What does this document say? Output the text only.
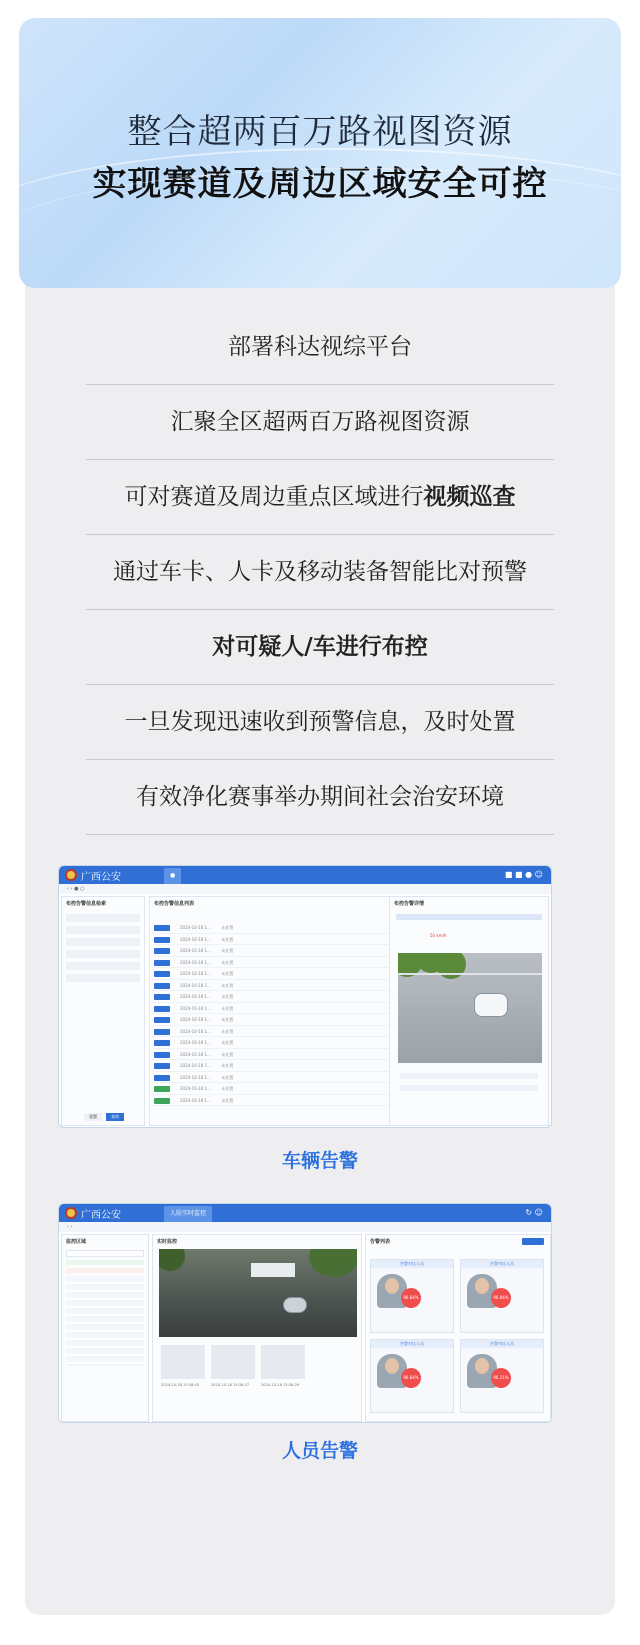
整合超两百万路视图资源
实现赛道及周边区域安全可控
部署科达视综平台
汇聚全区超两百万路视图资源
可对赛道及周边重点区域进行视频巡查
通过车卡、人卡及移动装备智能比对预警
对可疑人/车进行布控
一旦发现迅速收到预警信息，及时处置
有效净化赛事举办期间社会治安环境
广西公安	●	■ ■ ● ☺
‹ › ● ○
布控告警信息检索
重置	查询
布控告警信息列表
2024-10-18 1...	未处置
2024-10-18 1...	未处置
2024-10-18 1...	未处置
2024-10-18 1...	未处置
2024-10-18 1...	未处置
2024-10-18 1...	未处置
2024-10-18 1...	未处置
2024-10-18 1...	未处置
2024-10-18 1...	未处置
2024-10-18 1...	未处置
2024-10-18 1...	未处置
2024-10-18 1...	未处置
2024-10-18 1...	未处置
2024-10-18 1...	未处置
2024-10-18 1...	未处置
2024-10-18 1...	未处置
布控告警详情
50 km/h
车辆告警
广西公安	人脸实时监控	↻ ☺
‹ ›
监控区域	实时监控
2024-10-18 15:38:43	2024-10-18 15:38:37	2024-10-18 15:38:29
告警列表
告警对比人员
96.84%
告警对比人员
96.84%
告警对比人员
96.84%
告警对比人员
96.21%
人员告警
